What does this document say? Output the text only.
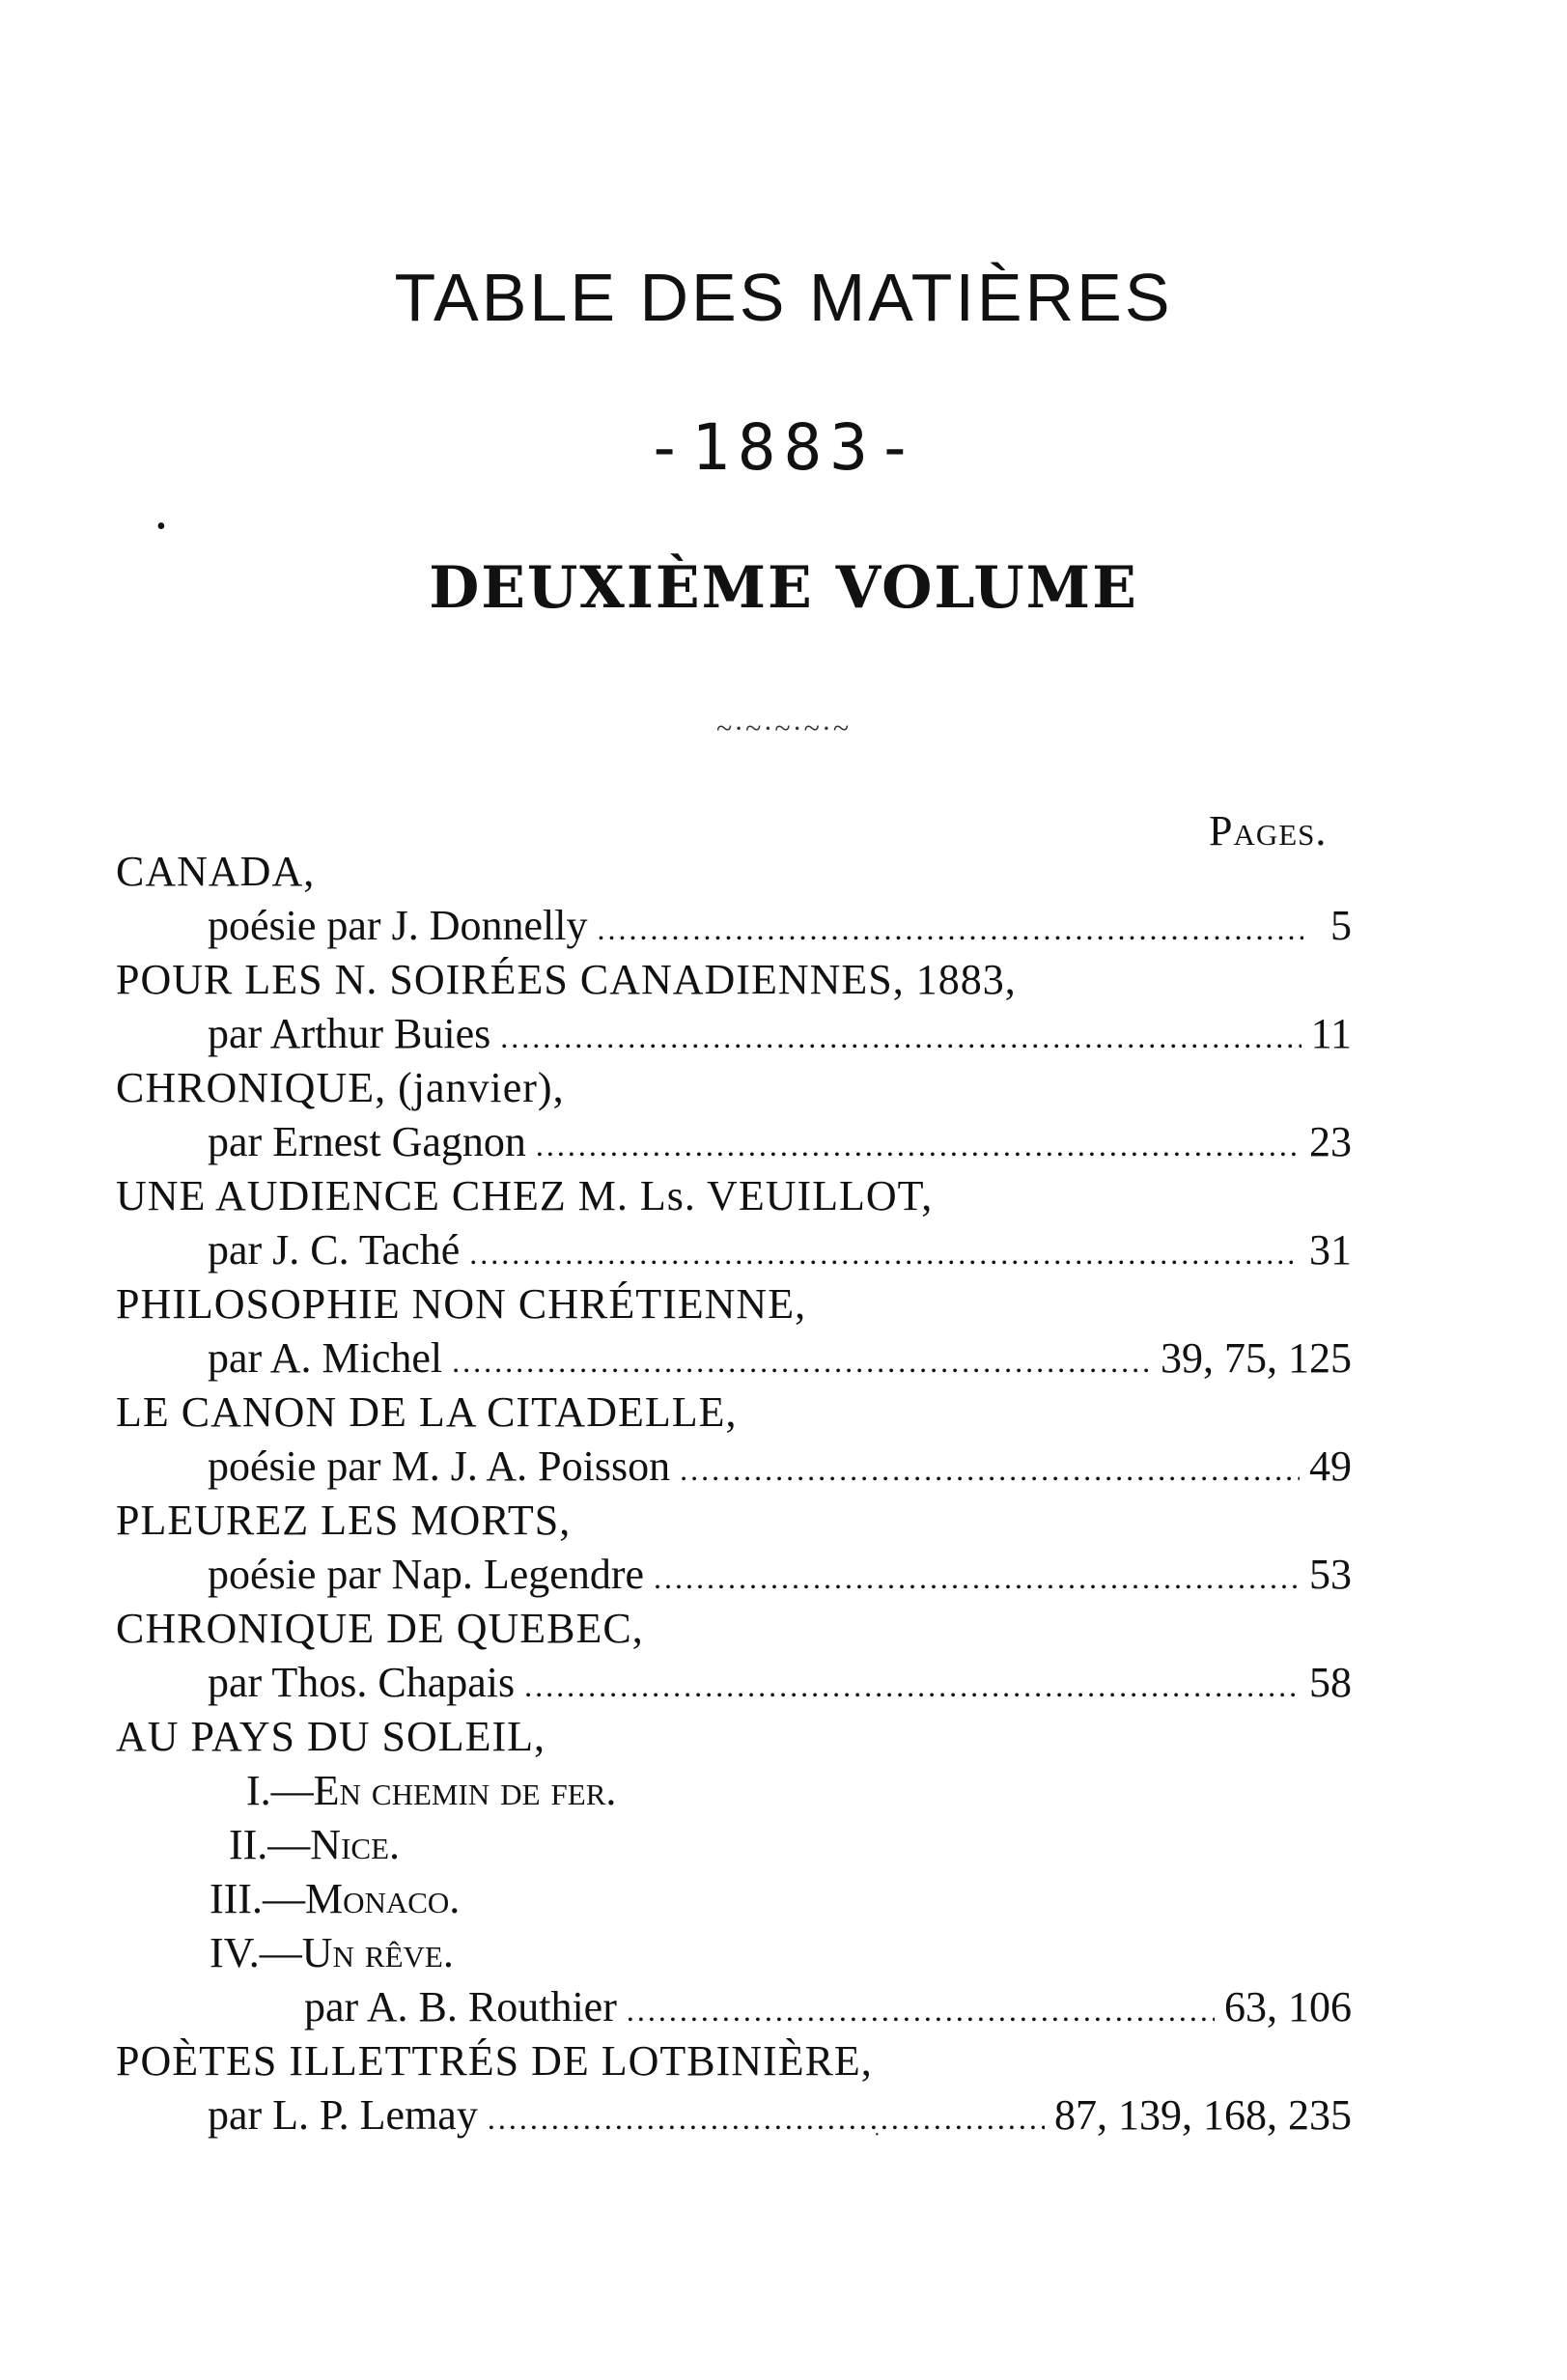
TABLE DES MATIÈRES
-1883-
•
DEUXIÈME VOLUME
~·~·~·~·~
Pages.
CANADA,
poésie par J. Donnelly .....	5
POUR LES N. SOIRÉES CANADIENNES, 1883,
par Arthur Buies .....	11
CHRONIQUE, (janvier),
par Ernest Gagnon .....	23
UNE AUDIENCE CHEZ M. Ls. VEUILLOT,
par J. C. Taché .....	31
PHILOSOPHIE NON CHRÉTIENNE,
par A. Michel .....	39, 75, 125
LE CANON DE LA CITADELLE,
poésie par M. J. A. Poisson .....	49
PLEUREZ LES MORTS,
poésie par Nap. Legendre .....	53
CHRONIQUE DE QUEBEC,
par Thos. Chapais .....	58
AU PAYS DU SOLEIL,
I.—En chemin de fer.
II.—Nice.
III.—Monaco.
IV.—Un rêve.
par A. B. Routhier .....	63, 106
POÈTES ILLETTRÉS DE LOTBINIÈRE,
par L. P. Lemay .....	87, 139, 168, 235
·
